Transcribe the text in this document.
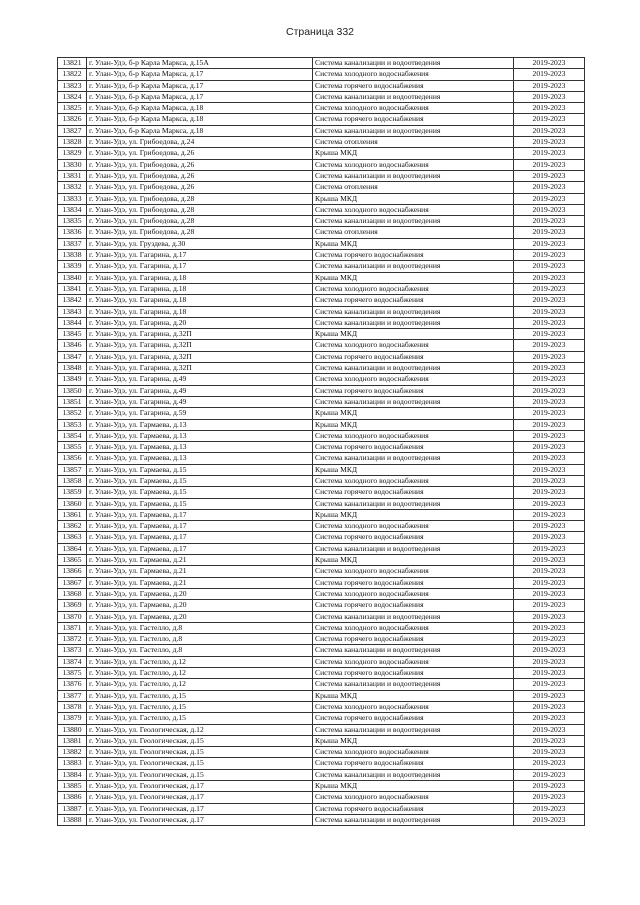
Страница 332
13821	г. Улан-Удэ, б-р Карла Маркса, д.15А	Система канализации и водоотведения	2019-2023
13822	г. Улан-Удэ, б-р Карла Маркса, д.17	Система холодного водоснабжения	2019-2023
13823	г. Улан-Удэ, б-р Карла Маркса, д.17	Система горячего водоснабжения	2019-2023
13824	г. Улан-Удэ, б-р Карла Маркса, д.17	Система канализации и водоотведения	2019-2023
13825	г. Улан-Удэ, б-р Карла Маркса, д.18	Система холодного водоснабжения	2019-2023
13826	г. Улан-Удэ, б-р Карла Маркса, д.18	Система горячего водоснабжения	2019-2023
13827	г. Улан-Удэ, б-р Карла Маркса, д.18	Система канализации и водоотведения	2019-2023
13828	г. Улан-Удэ, ул. Грибоедова, д.24	Система отопления	2019-2023
13829	г. Улан-Удэ, ул. Грибоедова, д.26	Крыша МКД	2019-2023
13830	г. Улан-Удэ, ул. Грибоедова, д.26	Система холодного водоснабжения	2019-2023
13831	г. Улан-Удэ, ул. Грибоедова, д.26	Система канализации и водоотведения	2019-2023
13832	г. Улан-Удэ, ул. Грибоедова, д.26	Система отопления	2019-2023
13833	г. Улан-Удэ, ул. Грибоедова, д.28	Крыша МКД	2019-2023
13834	г. Улан-Удэ, ул. Грибоедова, д.28	Система холодного водоснабжения	2019-2023
13835	г. Улан-Удэ, ул. Грибоедова, д.28	Система канализации и водоотведения	2019-2023
13836	г. Улан-Удэ, ул. Грибоедова, д.28	Система отопления	2019-2023
13837	г. Улан-Удэ, ул. Груздева, д.30	Крыша МКД	2019-2023
13838	г. Улан-Удэ, ул. Гагарина, д.17	Система горячего водоснабжения	2019-2023
13839	г. Улан-Удэ, ул. Гагарина, д.17	Система канализации и водоотведения	2019-2023
13840	г. Улан-Удэ, ул. Гагарина, д.18	Крыша МКД	2019-2023
13841	г. Улан-Удэ, ул. Гагарина, д.18	Система холодного водоснабжения	2019-2023
13842	г. Улан-Удэ, ул. Гагарина, д.18	Система горячего водоснабжения	2019-2023
13843	г. Улан-Удэ, ул. Гагарина, д.18	Система канализации и водоотведения	2019-2023
13844	г. Улан-Удэ, ул. Гагарина, д.20	Система канализации и водоотведения	2019-2023
13845	г. Улан-Удэ, ул. Гагарина, д.32П	Крыша МКД	2019-2023
13846	г. Улан-Удэ, ул. Гагарина, д.32П	Система холодного водоснабжения	2019-2023
13847	г. Улан-Удэ, ул. Гагарина, д.32П	Система горячего водоснабжения	2019-2023
13848	г. Улан-Удэ, ул. Гагарина, д.32П	Система канализации и водоотведения	2019-2023
13849	г. Улан-Удэ, ул. Гагарина, д.49	Система холодного водоснабжения	2019-2023
13850	г. Улан-Удэ, ул. Гагарина, д.49	Система горячего водоснабжения	2019-2023
13851	г. Улан-Удэ, ул. Гагарина, д.49	Система канализации и водоотведения	2019-2023
13852	г. Улан-Удэ, ул. Гагарина, д.59	Крыша МКД	2019-2023
13853	г. Улан-Удэ, ул. Гармаева, д.13	Крыша МКД	2019-2023
13854	г. Улан-Удэ, ул. Гармаева, д.13	Система холодного водоснабжения	2019-2023
13855	г. Улан-Удэ, ул. Гармаева, д.13	Система горячего водоснабжения	2019-2023
13856	г. Улан-Удэ, ул. Гармаева, д.13	Система канализации и водоотведения	2019-2023
13857	г. Улан-Удэ, ул. Гармаева, д.15	Крыша МКД	2019-2023
13858	г. Улан-Удэ, ул. Гармаева, д.15	Система холодного водоснабжения	2019-2023
13859	г. Улан-Удэ, ул. Гармаева, д.15	Система горячего водоснабжения	2019-2023
13860	г. Улан-Удэ, ул. Гармаева, д.15	Система канализации и водоотведения	2019-2023
13861	г. Улан-Удэ, ул. Гармаева, д.17	Крыша МКД	2019-2023
13862	г. Улан-Удэ, ул. Гармаева, д.17	Система холодного водоснабжения	2019-2023
13863	г. Улан-Удэ, ул. Гармаева, д.17	Система горячего водоснабжения	2019-2023
13864	г. Улан-Удэ, ул. Гармаева, д.17	Система канализации и водоотведения	2019-2023
13865	г. Улан-Удэ, ул. Гармаева, д.21	Крыша МКД	2019-2023
13866	г. Улан-Удэ, ул. Гармаева, д.21	Система холодного водоснабжения	2019-2023
13867	г. Улан-Удэ, ул. Гармаева, д.21	Система горячего водоснабжения	2019-2023
13868	г. Улан-Удэ, ул. Гармаева, д.20	Система холодного водоснабжения	2019-2023
13869	г. Улан-Удэ, ул. Гармаева, д.20	Система горячего водоснабжения	2019-2023
13870	г. Улан-Удэ, ул. Гармаева, д.20	Система канализации и водоотведения	2019-2023
13871	г. Улан-Удэ, ул. Гастелло, д.8	Система холодного водоснабжения	2019-2023
13872	г. Улан-Удэ, ул. Гастелло, д.8	Система горячего водоснабжения	2019-2023
13873	г. Улан-Удэ, ул. Гастелло, д.8	Система канализации и водоотведения	2019-2023
13874	г. Улан-Удэ, ул. Гастелло, д.12	Система холодного водоснабжения	2019-2023
13875	г. Улан-Удэ, ул. Гастелло, д.12	Система горячего водоснабжения	2019-2023
13876	г. Улан-Удэ, ул. Гастелло, д.12	Система канализации и водоотведения	2019-2023
13877	г. Улан-Удэ, ул. Гастелло, д.15	Крыша МКД	2019-2023
13878	г. Улан-Удэ, ул. Гастелло, д.15	Система холодного водоснабжения	2019-2023
13879	г. Улан-Удэ, ул. Гастелло, д.15	Система горячего водоснабжения	2019-2023
13880	г. Улан-Удэ, ул. Геологическая, д.12	Система канализации и водоотведения	2019-2023
13881	г. Улан-Удэ, ул. Геологическая, д.15	Крыша МКД	2019-2023
13882	г. Улан-Удэ, ул. Геологическая, д.15	Система холодного водоснабжения	2019-2023
13883	г. Улан-Удэ, ул. Геологическая, д.15	Система горячего водоснабжения	2019-2023
13884	г. Улан-Удэ, ул. Геологическая, д.15	Система канализации и водоотведения	2019-2023
13885	г. Улан-Удэ, ул. Геологическая, д.17	Крыша МКД	2019-2023
13886	г. Улан-Удэ, ул. Геологическая, д.17	Система холодного водоснабжения	2019-2023
13887	г. Улан-Удэ, ул. Геологическая, д.17	Система горячего водоснабжения	2019-2023
13888	г. Улан-Удэ, ул. Геологическая, д.17	Система канализации и водоотведения	2019-2023
